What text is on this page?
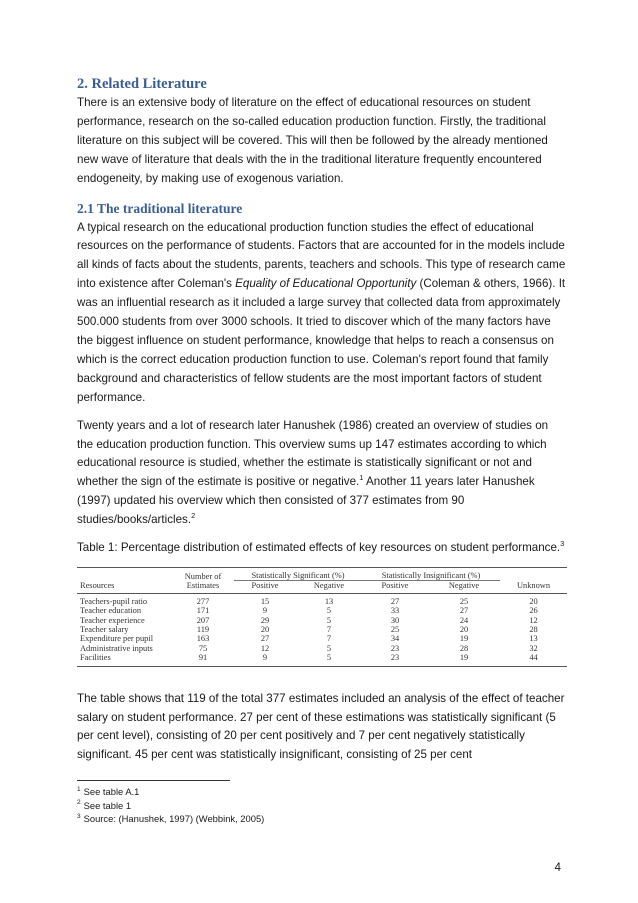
2. Related Literature

There is an extensive body of literature on the effect of educational resources on student performance, research on the so-called education production function. Firstly, the traditional literature on this subject will be covered. This will then be followed by the already mentioned new wave of literature that deals with the in the traditional literature frequently encountered endogeneity, by making use of exogenous variation.

2.1 The traditional literature

A typical research on the educational production function studies the effect of educational resources on the performance of students. Factors that are accounted for in the models include all kinds of facts about the students, parents, teachers and schools. This type of research came into existence after Coleman's Equality of Educational Opportunity (Coleman & others, 1966). It was an influential research as it included a large survey that collected data from approximately 500.000 students from over 3000 schools. It tried to discover which of the many factors have the biggest influence on student performance, knowledge that helps to reach a consensus on which is the correct education production function to use. Coleman's report found that family background and characteristics of fellow students are the most important factors of student performance.

Twenty years and a lot of research later Hanushek (1986) created an overview of studies on the education production function. This overview sums up 147 estimates according to which educational resource is studied, whether the estimate is statistically significant or not and whether the sign of the estimate is positive or negative.$^1$ Another 11 years later Hanushek (1997) updated his overview which then consisted of 377 estimates from 90 studies/books/articles.$^2$

Table 1: Percentage distribution of estimated effects of key resources on student performance.$^3$

	Number of Estimates	Statistically Significant (%)		Statistically Insignificant (%)		
Resources		Positive	Negative	Positive	Negative	Unknown
Teachers-pupil ratio	277	15	13	27	25	20
Teacher education	171	9	5	33	27	26
Teacher experience	207	29	5	30	24	12
Teacher salary	119	20	7	25	20	28
Expenditure per pupil	163	27	7	34	19	13
Administrative inputs	75	12	5	23	28	32
Facilities	91	9	5	23	19	44

The table shows that 119 of the total 377 estimates included an analysis of the effect of teacher salary on student performance. 27 per cent of these estimations was statistically significant (5 per cent level), consisting of 20 per cent positively and 7 per cent negatively statistically significant. 45 per cent was statistically insignificant, consisting of 25 per cent

$^1$ See table A.1

$^2$ See table 1

$^3$ Source: (Hanushek, 1997) (Webbink, 2005)

4
